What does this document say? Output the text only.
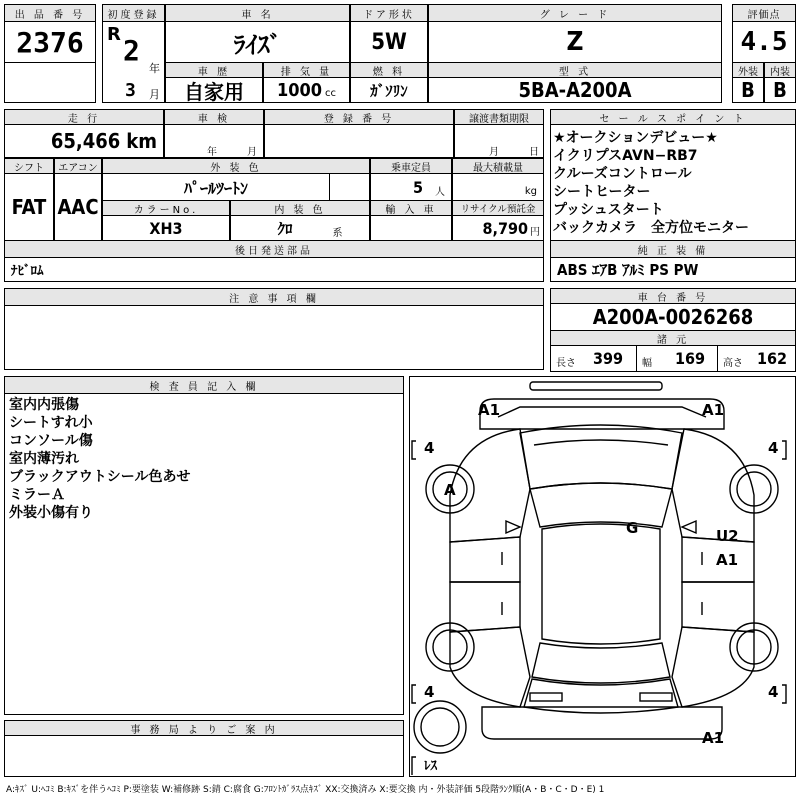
出 品 番 号
2376
初度登録
R 2
年
3 月
車 名
ﾗｲｽﾞ
ドア形状
5W
グ レ ー ド
Z
評価点
4.5
車 歴
自家用
排 気 量
1000 cc
燃 料
ｶﾞｿﾘﾝ
型 式
5BA-A200A
外装	内装
B B
走 行
65,466 km
車 検
年	月
登 録 番 号	譲渡書類期限
月	日
シフト
FAT
エアコン
AAC
外 装 色
ﾊﾟｰﾙﾂｰﾄﾝ
乗車定員
5 人
最大積載量
kg
カラーNo.
XH3
内 装 色
ｸﾛ	系
輸 入 車	リサイクル預託金
8,790 円
後日発送部品
ﾅﾋﾞﾛﾑ
セ ー ル ス ポ イ ン ト
★オークションデビュー★
イクリプスAVN−RB7
クルーズコントロール
シートヒーター
プッシュスタート
バックカメラ　全方位モニター
純 正 装 備
ABS ｴｱB ｱﾙﾐ PS PW
注 意 事 項 欄	車 台 番 号
A200A-0026268
諸 元
長さ 399 幅 169 高さ 162
検 査 員 記 入 欄
室内内張傷
シートすれ小
コンソール傷
室内薄汚れ
ブラックアウトシール色あせ
ミラーＡ
外装小傷有り
事 務 局 よ り ご 案 内
A1	A1
4	4
A
G	U2
A1
4	4
A1
ﾚｽ
A:ｷｽﾞ U:ﾍｺﾐ B:ｷｽﾞを伴うﾍｺﾐ P:要塗装 W:補修跡 S:錆 C:腐食 G:ﾌﾛﾝﾄｶﾞﾗｽ点ｷｽﾞ XX:交換済み X:要交換 内・外装評価 5段階ﾗﾝｸ順(A・B・C・D・E) 1
